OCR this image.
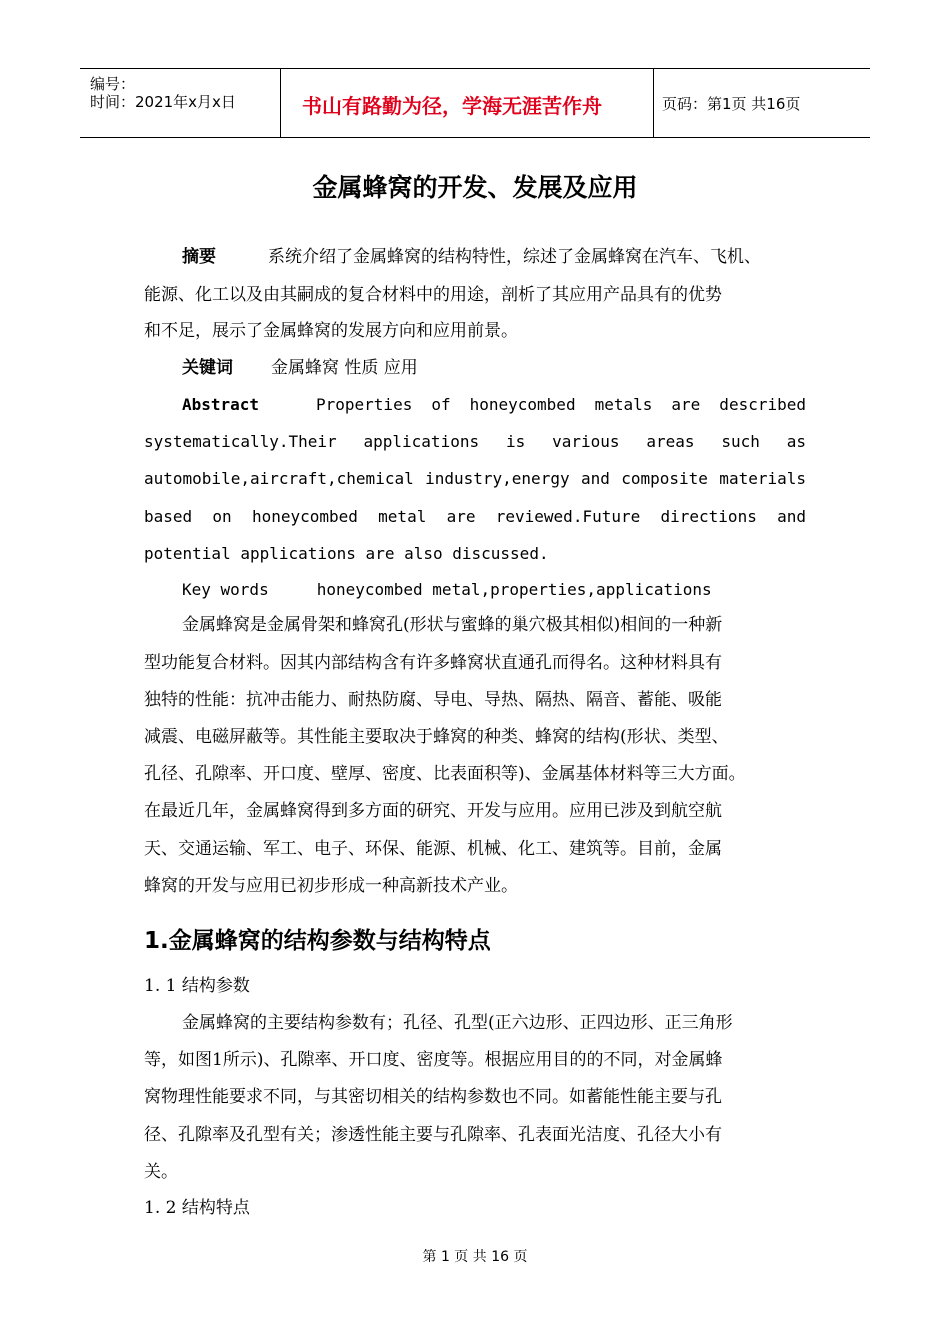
编号：
时间：2021年x月x日	书山有路勤为径，学海无涯苦作舟	页码：第1页 共16页
金属蜂窝的开发、发展及应用
摘要	系统介绍了金属蜂窝的结构特性，综述了金属蜂窝在汽车、飞机、
能源、化工以及由其嗣成的复合材料中的用途，剖析了其应用产品具有的优势
和不足，展示了金属蜂窝的发展方向和应用前景。
关键词 金属蜂窝 性质 应用
Abstract	Properties of honeycombed metals are described
systematically.Their applications is various areas such as
automobile,aircraft,chemical industry,energy and composite materials
based on honeycombed metal are reviewed.Future directions and
potential applications are also discussed.
Key words	honeycombed metal,properties,applications
金属蜂窝是金属骨架和蜂窝孔(形状与蜜蜂的巢穴极其相似)相间的一种新
型功能复合材料。因其内部结构含有许多蜂窝状直通孔而得名。这种材料具有
独特的性能：抗冲击能力、耐热防腐、导电、导热、隔热、隔音、蓄能、吸能
减震、电磁屏蔽等。其性能主要取决于蜂窝的种类、蜂窝的结构(形状、类型、
孔径、孔隙率、开口度、壁厚、密度、比表面积等)、金属基体材料等三大方面。
在最近几年，金属蜂窝得到多方面的研究、开发与应用。应用已涉及到航空航
天、交通运输、军工、电子、环保、能源、机械、化工、建筑等。目前，金属
蜂窝的开发与应用已初步形成一种高新技术产业。
1.金属蜂窝的结构参数与结构特点
1. 1 结构参数
金属蜂窝的主要结构参数有；孔径、孔型(正六边形、正四边形、正三角形
等，如图1所示)、孔隙率、开口度、密度等。根据应用目的的不同，对金属蜂
窝物理性能要求不同，与其密切相关的结构参数也不同。如蓄能性能主要与孔
径、孔隙率及孔型有关；渗透性能主要与孔隙率、孔表面光洁度、孔径大小有
关。
1. 2 结构特点
第 1 页 共 16 页
